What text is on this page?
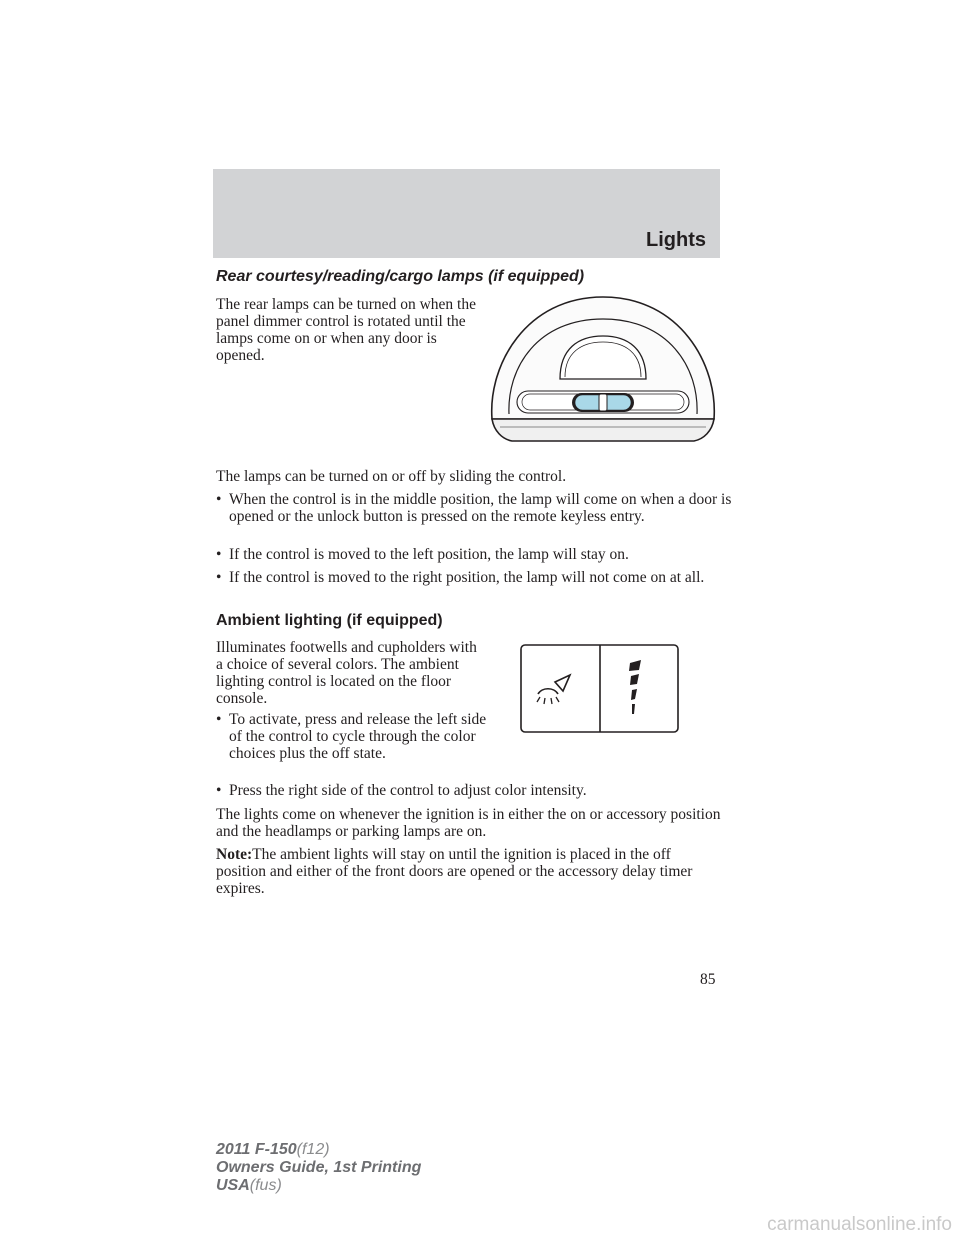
Lights
Rear courtesy/reading/cargo lamps (if equipped)

The rear lamps can be turned on when the panel dimmer control is rotated until the lamps come on or when any door is opened.

The lamps can be turned on or off by sliding the control.

• When the control is in the middle position, the lamp will come on when a door is opened or the unlock button is pressed on the remote keyless entry.
• If the control is moved to the left position, the lamp will stay on.
• If the control is moved to the right position, the lamp will not come on at all.
Ambient lighting (if equipped)

Illuminates footwells and cupholders with a choice of several colors. The ambient lighting control is located on the floor console.

• To activate, press and release the left side of the control to cycle through the color choices plus the off state.
• Press the right side of the control to adjust color intensity.

The lights come on whenever the ignition is in either the on or accessory position and the headlamps or parking lamps are on.

Note:The ambient lights will stay on until the ignition is placed in the off position and either of the front doors are opened or the accessory delay timer expires.

85
2011 F-150(f12)
Owners Guide, 1st Printing
USA(fus)
carmanualsonline.info
